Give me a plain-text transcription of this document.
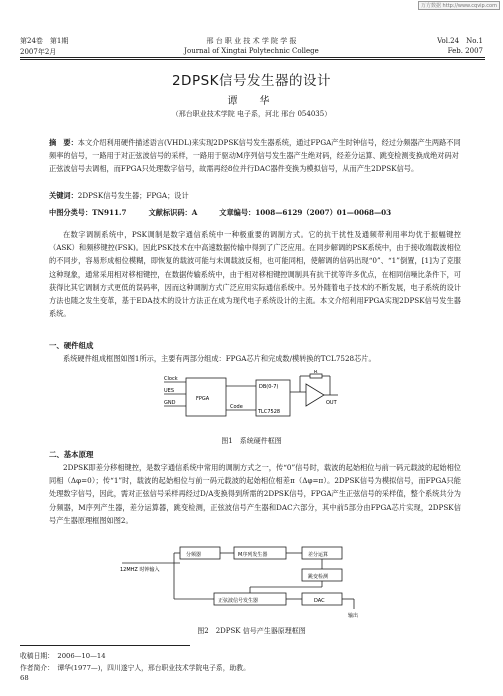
万方数据 http://www.cqvip.com
第24卷　第1期
2007年2月
邢 台 职 业 技 术 学 院 学 报
Journal of Xingtai Polytechnic College
Vol.24　No.1
Feb. 2007
2DPSK信号发生器的设计
谭　华
（邢台职业技术学院 电子系，河北 邢台 054035）
摘　要：本文介绍利用硬件描述语言(VHDL)来实现2DPSK信号发生器系统，通过FPGA产生时钟信号，经过分频器产生两路不同频率的信号，一路用于对正弦波信号的采样，一路用于驱动M序列信号发生器产生绝对码，经差分运算、跳变检测变换成绝对码对正弦波信号去调相，而FPGA只处理数字信号，故需再经8位并行DAC器件变换为模拟信号，从而产生2DPSK信号。
关键词：2DPSK信号发生器；FPGA；设计
中图分类号：TN911.7	文献标识码：A	文章编号：1008—6129（2007）01—0068—03
在数字调制系统中，PSK调制是数字通信系统中一种极重要的调制方式。它的抗干扰性及通频带利用率均优于振幅键控（ASK）和频移键控(FSK)。因此PSK技术在中高速数据传输中得到了广泛应用。在同步解调的PSK系统中，由于接收端载波相位的不同步，容易形成相位模糊，即恢复的载波可能与未调载波反相，也可能同相，使解调的信码出现“0”、“1”倒置，[1]为了克服这种现象，通常采用相对移相键控，在数据传输系统中，由于相对移相键控调制具有抗干扰等许多优点，在相同信噪比条件下，可获得比其它调制方式更低的误码率，因而这种调制方式广泛应用实际通信系统中。另外随着电子技术的不断发展，电子系统的设计方法也随之发生变革，基于EDA技术的设计方法正在成为现代电子系统设计的主流。本文介绍利用FPGA实现2DPSK信号发生器系统。
一、硬件组成
系统硬件组成框图如图1所示，主要有两部分组成：FPGA芯片和完成数/模转换的TCL7528芯片。
Clock
UES
GND
FPGA
Code
DB(0-7)
TLC7528
R
OUT
图1　系统硬件框图
二、基本原理
2DPSK即差分移相键控，是数字通信系统中常用的调制方式之一，传“0”信号时，载波的起始相位与前一码元载波的起始相位同相（Δφ=0）；传“1”时，载波的起始相位与前一码元载波的起始相位相差π（Δφ=π）。2DPSK信号为模拟信号，而FPGA只能处理数字信号，因此，需对正弦信号采样再经过D/A变换得到所需的2DPSK信号，FPGA产生正弦信号的采样值，整个系统共分为分频器，M序列产生器，差分运算器，跳变检测，正弦波信号产生器和DAC六部分，其中前5部分由FPGA芯片实现，2DPSK信号产生器原理框图如图2。
分频器	M序列发生器	差分运算
12MHZ 时钟输入
跳变检测
正弦波信号发生器	DAC
输出
图2　2DPSK 信号产生器原理框图
收稿日期：　2006—10—14
作者简介：　谭华(1977—)，四川遂宁人，邢台职业技术学院电子系，助教。
68
